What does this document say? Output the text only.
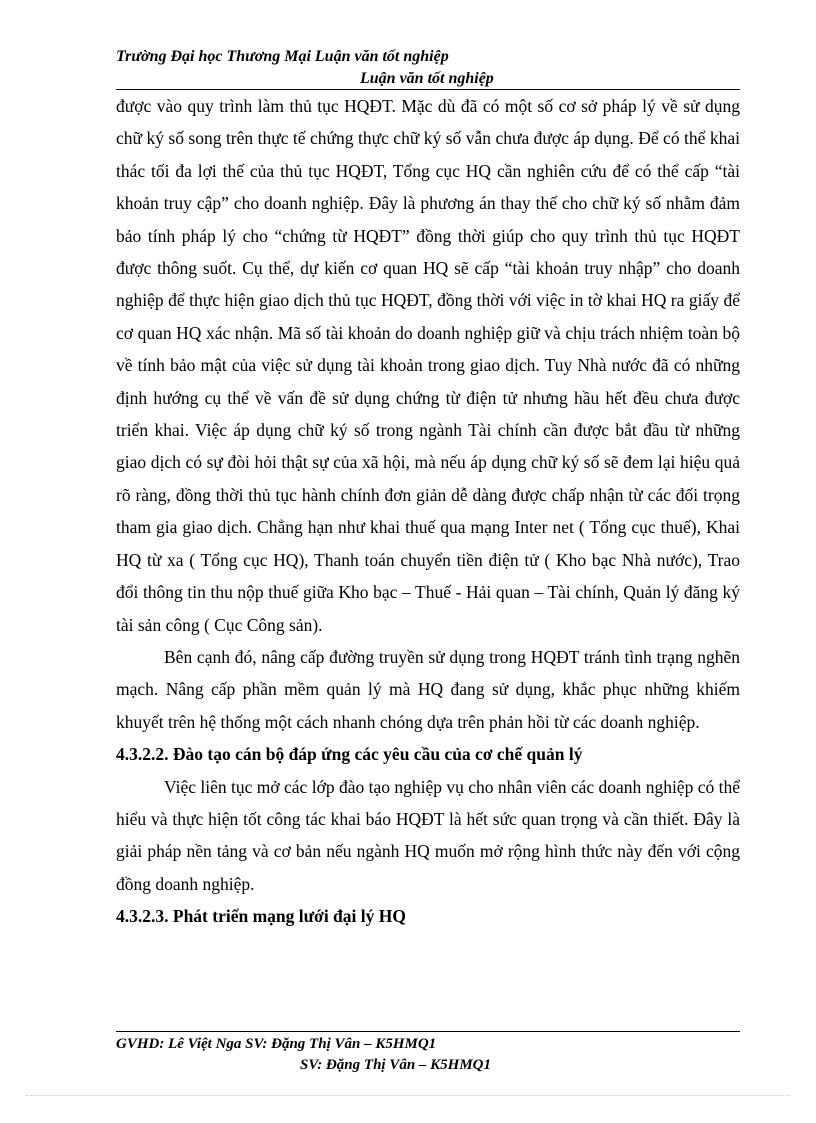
Trường Đại học Thương Mại Luận văn tốt nghiệp
Luận văn tốt nghiệp

được vào quy trình làm thủ tục HQĐT. Mặc dù đã có một số cơ sở pháp lý về sử dụng chữ ký số song trên thực tế chứng thực chữ ký số vẫn chưa được áp dụng. Để có thể khai thác tối đa lợi thế của thủ tục HQĐT, Tổng cục HQ cần nghiên cứu để có thể cấp “tài khoản truy cập” cho doanh nghiệp. Đây là phương án thay thế cho chữ ký số nhằm đảm bảo tính pháp lý cho “chứng từ HQĐT” đồng thời giúp cho quy trình thủ tục HQĐT được thông suốt. Cụ thể, dự kiến cơ quan HQ sẽ cấp “tài khoản truy nhập” cho doanh nghiệp để thực hiện giao dịch thủ tục HQĐT, đồng thời với việc in tờ khai HQ ra giấy để cơ quan HQ xác nhận. Mã số tài khoản do doanh nghiệp giữ và chịu trách nhiệm toàn bộ về tính bảo mật của việc sử dụng tài khoản trong giao dịch. Tuy Nhà nước đã có những định hướng cụ thể về vấn đề sử dụng chứng từ điện tử nhưng hầu hết đều chưa được triển khai. Việc áp dụng chữ ký số trong ngành Tài chính cần được bắt đầu từ những giao dịch có sự đòi hỏi thật sự của xã hội, mà nếu áp dụng chữ ký số sẽ đem lại hiệu quả rõ ràng, đồng thời thủ tục hành chính đơn giản dễ dàng được chấp nhận từ các đối trọng tham gia giao dịch. Chẳng hạn như khai thuế qua mạng Inter net ( Tổng cục thuế), Khai HQ từ xa ( Tổng cục HQ), Thanh toán chuyển tiền điện tử ( Kho bạc Nhà nước), Trao đổi thông tin thu nộp thuế giữa Kho bạc – Thuế - Hải quan – Tài chính, Quản lý đăng ký tài sản công ( Cục Công sản).

Bên cạnh đó, nâng cấp đường truyền sử dụng trong HQĐT tránh tình trạng nghẽn mạch. Nâng cấp phần mềm quản lý mà HQ đang sử dụng, khắc phục những khiếm khuyết trên hệ thống một cách nhanh chóng dựa trên phản hồi từ các doanh nghiệp.

4.3.2.2. Đào tạo cán bộ đáp ứng các yêu cầu của cơ chế quản lý

Việc liên tục mở các lớp đào tạo nghiệp vụ cho nhân viên các doanh nghiệp có thể hiểu và thực hiện tốt công tác khai báo HQĐT là hết sức quan trọng và cần thiết. Đây là giải pháp nền tảng và cơ bản nếu ngành HQ muốn mở rộng hình thức này đến với cộng đồng doanh nghiệp.

4.3.2.3. Phát triển mạng lưới đại lý HQ

GVHD: Lê Việt Nga SV: Đặng Thị Vân – K5HMQ1
SV: Đặng Thị Vân – K5HMQ1
